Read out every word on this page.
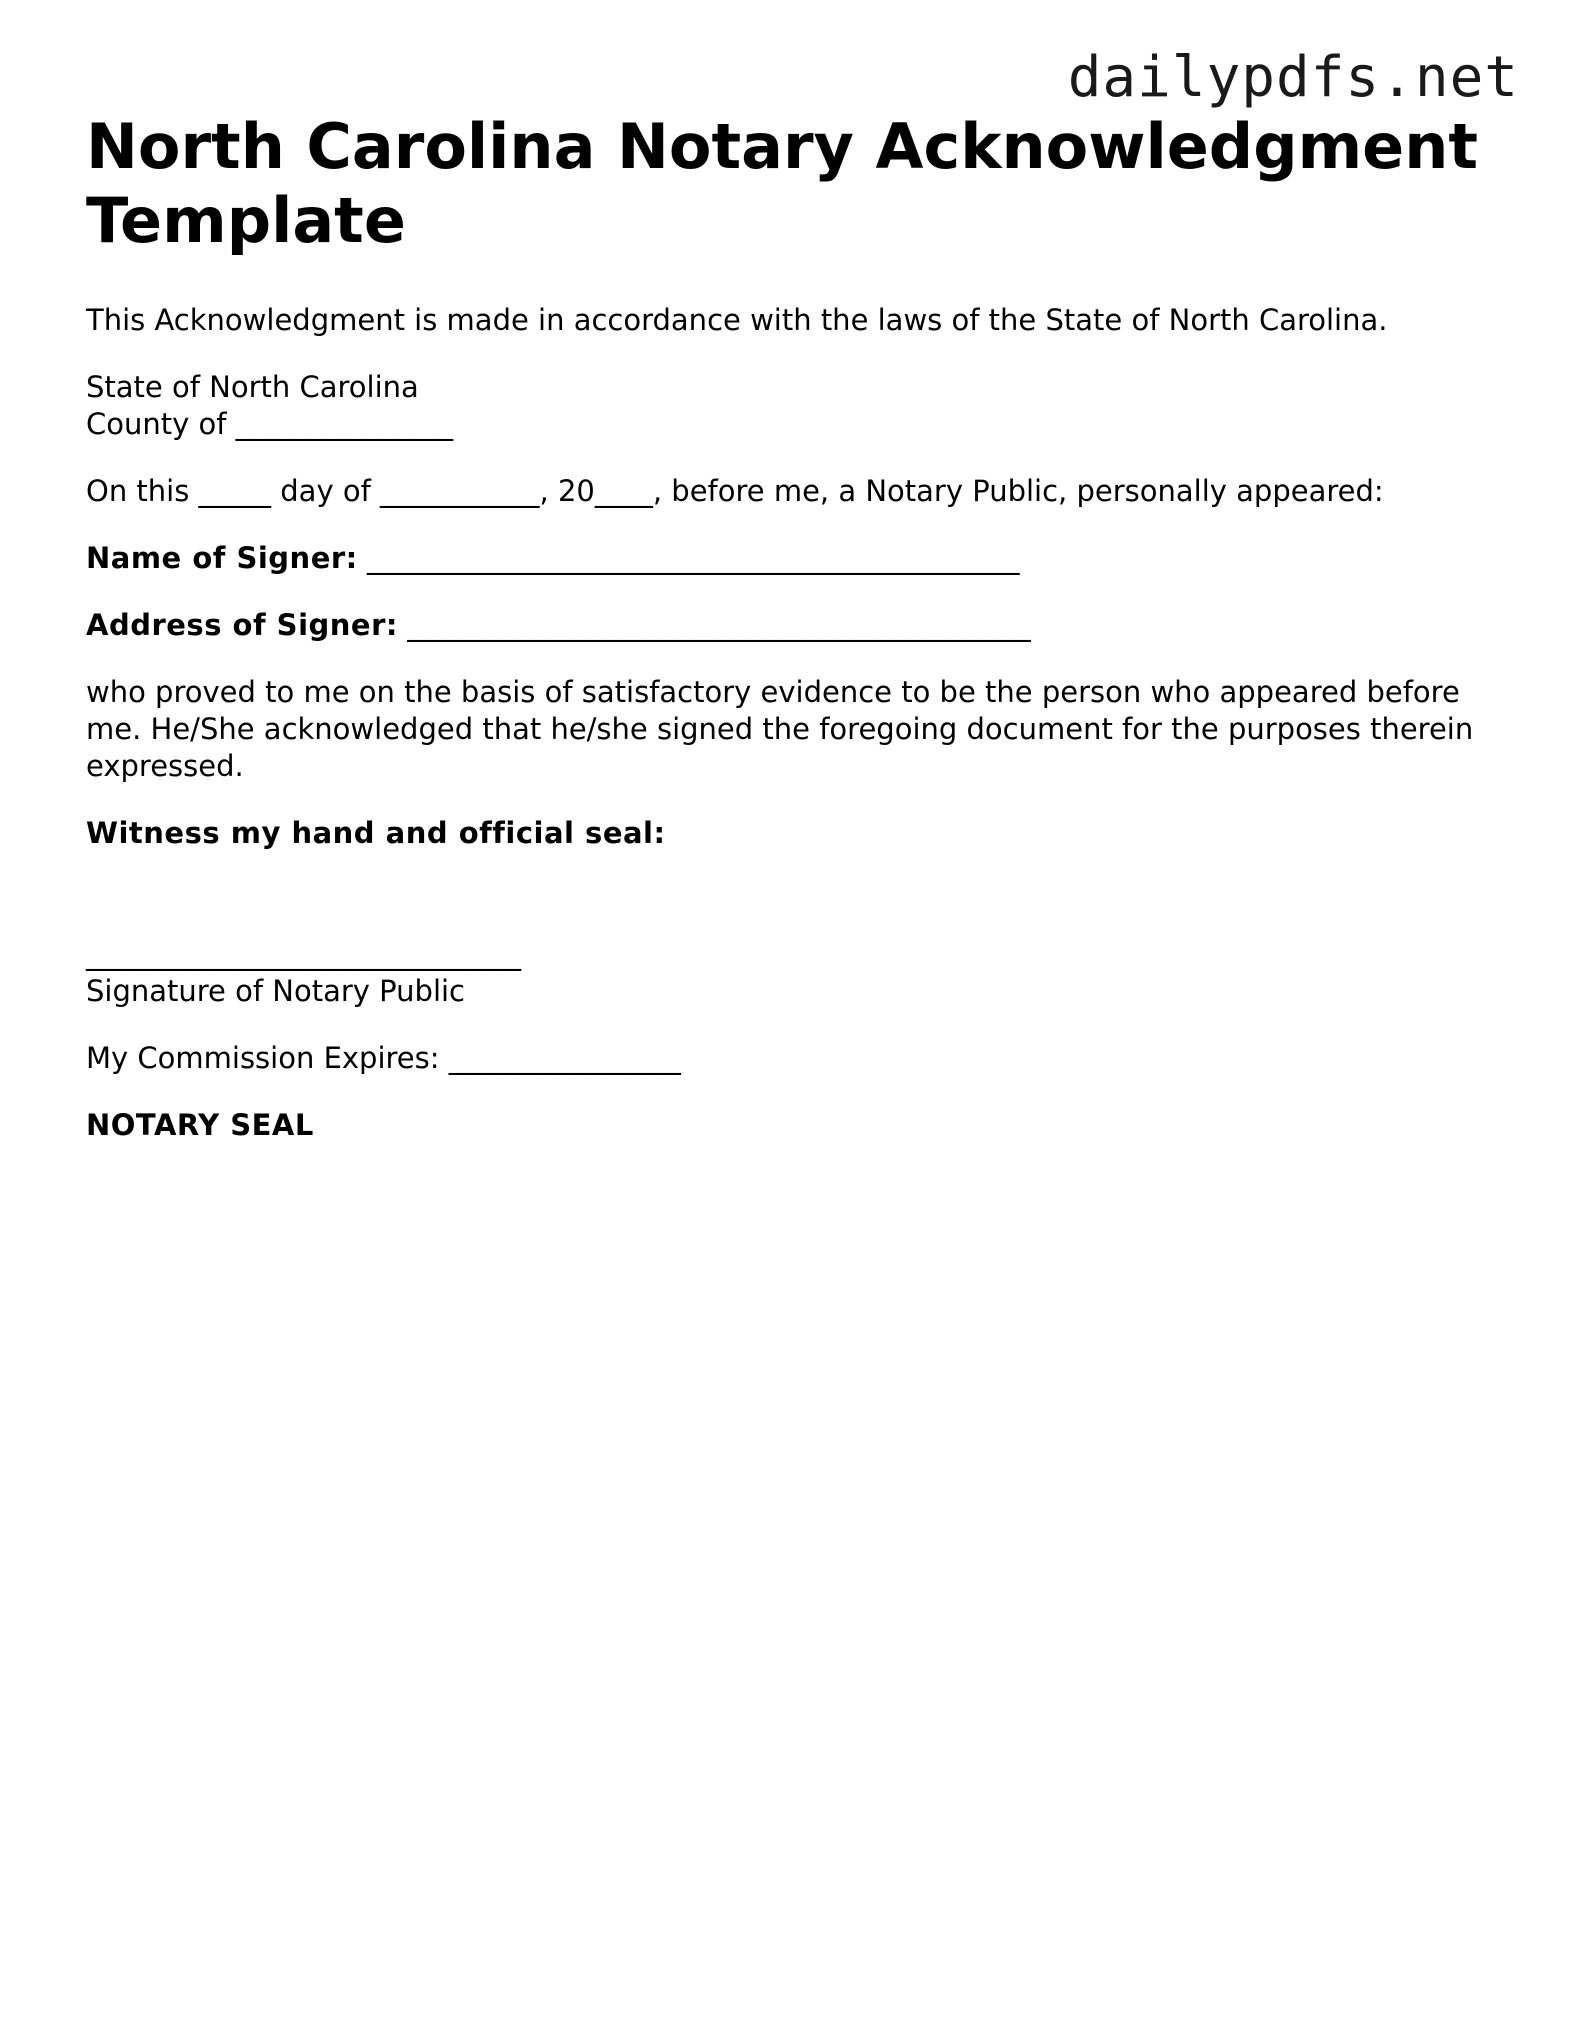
dailypdfs.net
North Carolina Notary Acknowledgment Template

This Acknowledgment is made in accordance with the laws of the State of North Carolina.

State of North Carolina
County of _______________

On this _____ day of ___________, 20____, before me, a Notary Public, personally appeared:

Name of Signer: _____________________________________________

Address of Signer: ___________________________________________

who proved to me on the basis of satisfactory evidence to be the person who appeared before me. He/She acknowledged that he/she signed the foregoing document for the purposes therein expressed.

Witness my hand and official seal:

______________________________
Signature of Notary Public

My Commission Expires: ________________

NOTARY SEAL
